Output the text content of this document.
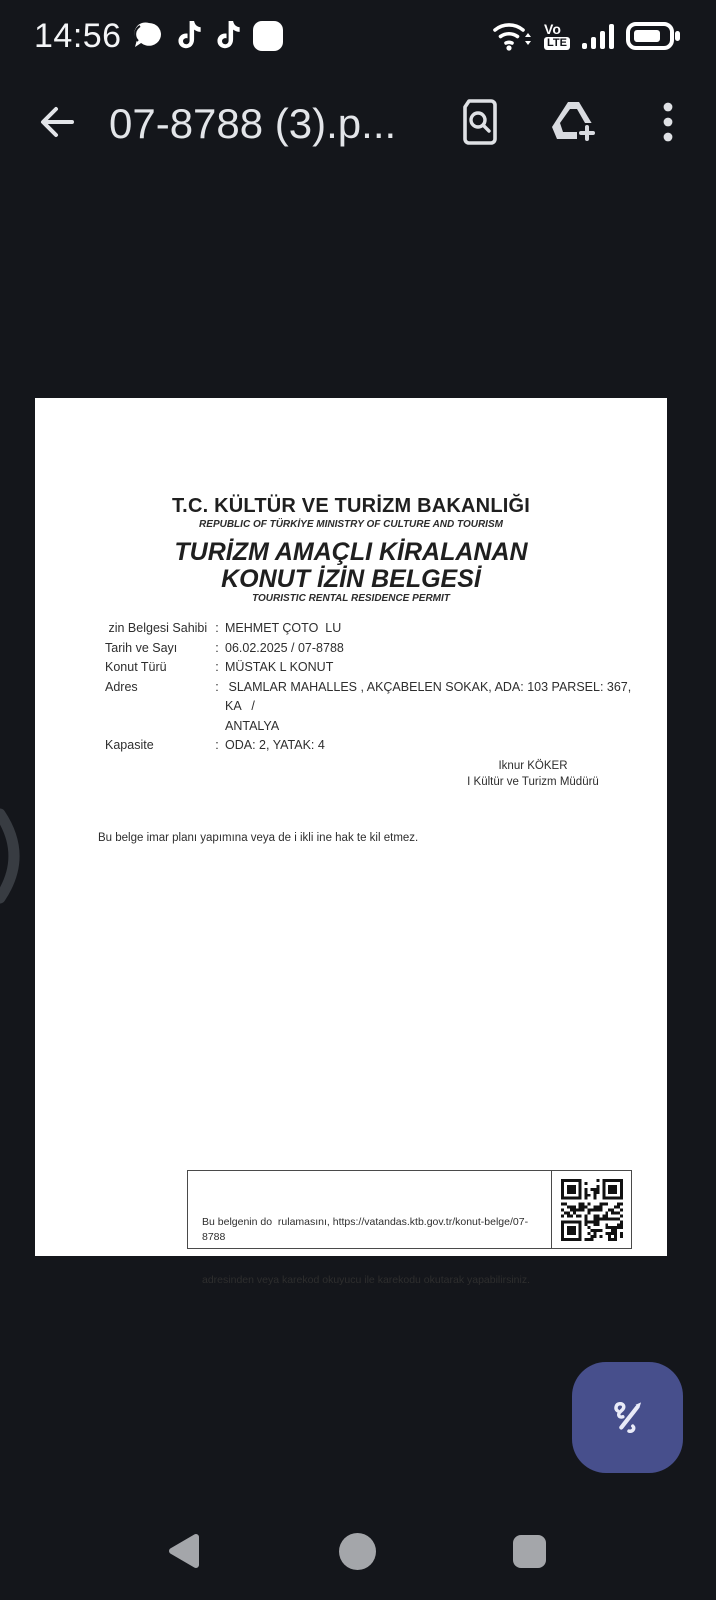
14:56	Vo
LTE
07-8788 (3).p...
T.C. KÜLTÜR VE TURİZM BAKANLIĞI
REPUBLIC OF TÜRKİYE MINISTRY OF CULTURE AND TOURISM
TURİZM AMAÇLI KİRALANAN
KONUT İZİN BELGESİ
TOURISTIC RENTAL RESIDENCE PERMIT
zin Belgesi Sahibi : MEHMET ÇOTO  LU
Tarih ve Sayı	: 06.02.2025 / 07-8788
Konut Türü	: MÜSTAK L KONUT
Adres	: SLAMLAR MAHALLES , AKÇABELEN SOKAK, ADA: 103 PARSEL: 367, KA   /
ANTALYA
Kapasite	: ODA: 2, YATAK: 4
Iknur KÖKER
I Kültür ve Turizm Müdürü
Bu belge imar planı yapımına veya de i ikli ine hak te kil etmez.

Bu belgenin do  rulamasını, https://vatandas.ktb.gov.tr/konut-belge/07-8788

adresinden veya karekod okuyucu ile karekodu okutarak yapabilirsiniz.
